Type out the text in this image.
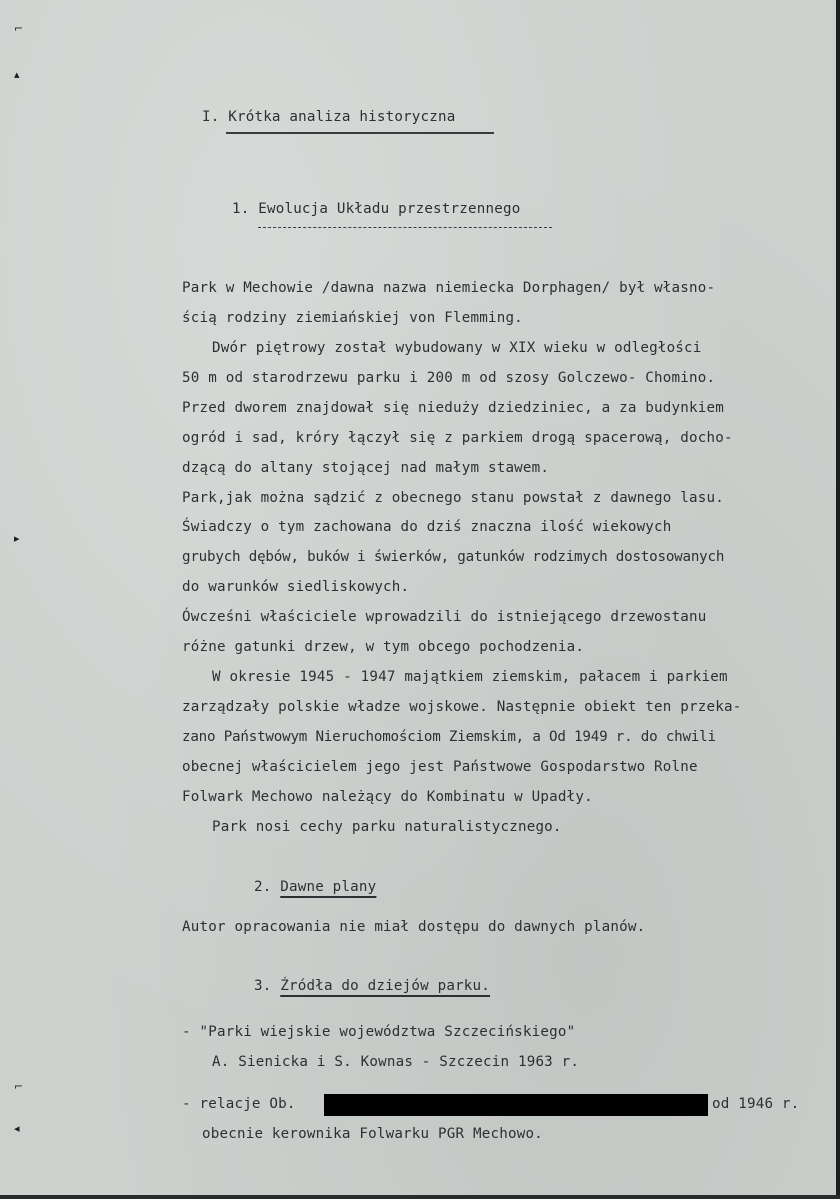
⌐
▴
▸
⌐
◂
I. Krótka analiza historyczna
1. Ewolucja Układu przestrzennego
Park w Mechowie /dawna nazwa niemiecka Dorphagen/ był własno-
ścią rodziny ziemiańskiej von Flemming.
Dwór piętrowy został wybudowany w XIX wieku w odległości
50 m od starodrzewu parku i 200 m od szosy Golczewo- Chomino.
Przed dworem znajdował się nieduży dziedziniec, a za budynkiem
ogród i sad, króry łączył się z parkiem drogą spacerową, docho-
dzącą do altany stojącej nad małym stawem.
Park,jak można sądzić z obecnego stanu powstał z dawnego lasu.
Świadczy o tym zachowana do dziś znaczna ilość wiekowych
grubych dębów, buków i świerków, gatunków rodzimych dostosowanych
do warunków siedliskowych.
Ówcześni właściciele wprowadzili do istniejącego drzewostanu
różne gatunki drzew, w tym obcego pochodzenia.
W okresie 1945 - 1947 majątkiem ziemskim, pałacem i parkiem
zarządzały polskie władze wojskowe. Następnie obiekt ten przeka-
zano Państwowym Nieruchomościom Ziemskim, a Od 1949 r. do chwili
obecnej właścicielem jego jest Państwowe Gospodarstwo Rolne
Folwark Mechowo należący do Kombinatu w Upadły.
Park nosi cechy parku naturalistycznego.
2. Dawne plany
Autor opracowania nie miał dostępu do dawnych planów.
3. Źródła do dziejów parku.
- "Parki wiejskie województwa Szczecińskiego"
A. Sienicka i S. Kownas - Szczecin 1963 r.
- relacje Ob.	od 1946 r.
obecnie kerownika Folwarku PGR Mechowo.
